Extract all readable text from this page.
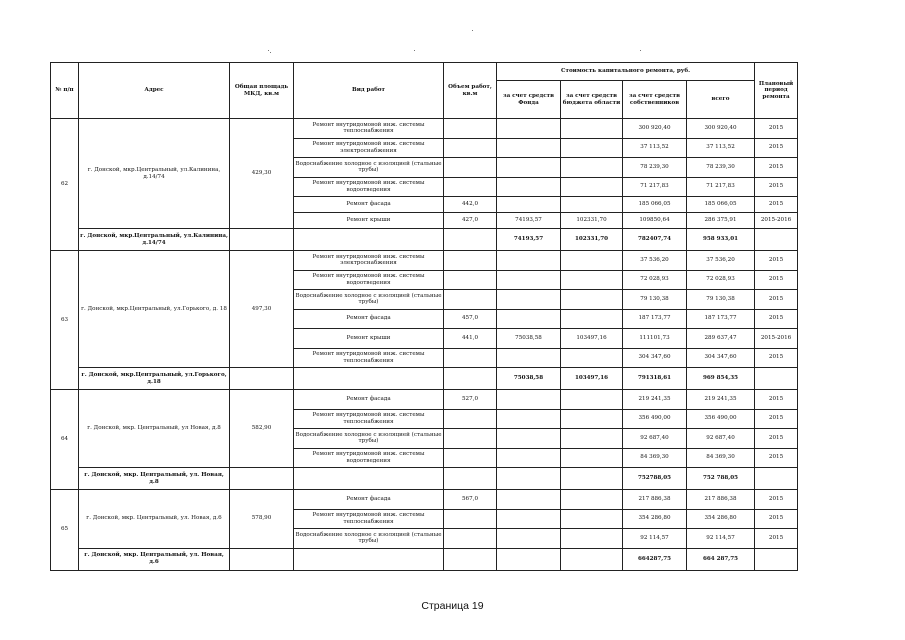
№ п/п	Адрес	Общая площадь МКД, кв.м	Вид работ	Объем работ, кв.м	Стоимость капитального ремонта, руб.				Плановый период ремонта
					за счет средств Фонда	за счет средств бюджета области	за счет средств собственников	всего	
62	г. Донской, мкр.Центральный, ул.Калинина, д.14/74	429,30	Ремонт внутридомовой инж. системы теплоснабжения				300 920,40	300 920,40	2015
			Ремонт внутридомовой инж. системы электроснабжения				37 113,52	37 113,52	2015
			Водоснабжение холодное с изоляцией (стальные трубы)				78 239,30	78 239,30	2015
			Ремонт внутридомовой инж. системы водоотведения				71 217,83	71 217,83	2015
			Ремонт фасада	442,0			185 066,05	185 066,05	2015
			Ремонт крыши	427,0	74193,57	102331,70	109850,64	286 375,91	2015-2016
	г. Донской, мкр.Центральный, ул.Калинина, д.14/74				74193,57	102331,70	782407,74	958 933,01	
63	г. Донской, мкр.Центральный, ул.Горького, д. 18	497,30	Ремонт внутридомовой инж. системы электроснабжения				37 536,20	37 536,20	2015
			Ремонт внутридомовой инж. системы водоотведения				72 028,93	72 028,93	2015
			Водоснабжение холодное с изоляцией (стальные трубы)				79 130,38	79 130,38	2015
			Ремонт фасада	457,0			187 173,77	187 173,77	2015
			Ремонт крыши	441,0	75038,58	103497,16	111101,73	289 637,47	2015-2016
			Ремонт внутридомовой инж. системы теплоснабжения				304 347,60	304 347,60	2015
	г. Донской, мкр.Центральный, ул.Горького, д.18				75038,58	103497,16	791318,61	969 854,35	
64	г. Донской, мкр. Центральный, ул Новая, д.8	582,90	Ремонт фасада	527,0			219 241,35	219 241,35	2015
			Ремонт внутридомовой инж. системы теплоснабжения				356 490,00	356 490,00	2015
			Водоснабжение холодное с изоляцией (стальные трубы)				92 687,40	92 687,40	2015
			Ремонт внутридомовой инж. системы водоотведения				84 369,30	84 369,30	2015
	г. Донской, мкр. Центральный, ул. Новая, д.8						752788,05	752 788,05	
65	г. Донской, мкр. Центральный, ул. Новая, д.6	578,90	Ремонт фасада	567,0			217 886,38	217 886,38	2015
			Ремонт внутридомовой инж. системы теплоснабжения				354 286,80	354 286,80	2015
			Водоснабжение холодное с изоляцией (стальные трубы)				92 114,57	92 114,57	2015
	г. Донской, мкр. Центральный, ул. Новая, д.6						664287,75	664 287,75	
Страница 19
